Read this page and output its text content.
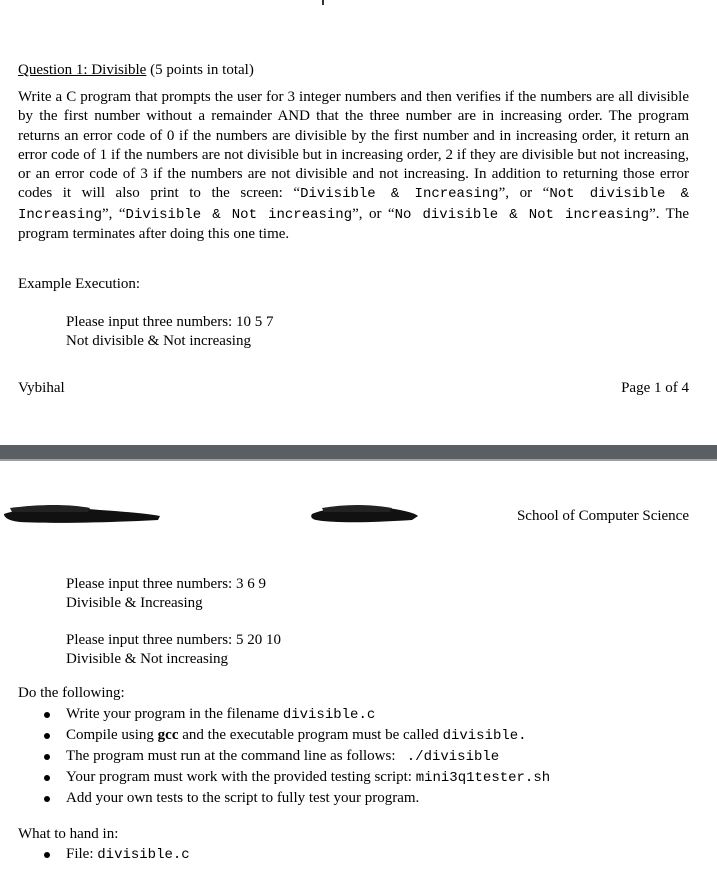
Question 1: Divisible (5 points in total)
Write a C program that prompts the user for 3 integer numbers and then verifies if the numbers are all divisible by the first number without a remainder AND that the three number are in increasing order. The program returns an error code of 0 if the numbers are divisible by the first number and in increasing order, it return an error code of 1 if the numbers are not divisible but in increasing order, 2 if they are divisible but not increasing, or an error code of 3 if the numbers are not divisible and not increasing. In addition to returning those error codes it will also print to the screen: “Divisible & Increasing”, or “Not divisible & Increasing”, “Divisible & Not increasing”, or “No divisible & Not increasing”. The program terminates after doing this one time.
Example Execution:
Please input three numbers: 10 5 7
Not divisible & Not increasing
Vybihal	Page 1 of 4
School of Computer Science
Please input three numbers: 3 6 9
Divisible & Increasing
Please input three numbers: 5 20 10
Divisible & Not increasing
Do the following:
Write your program in the filename divisible.c
Compile using gcc and the executable program must be called divisible.
The program must run at the command line as follows:   ./divisible
Your program must work with the provided testing script: mini3q1tester.sh
Add your own tests to the script to fully test your program.
What to hand in:
File: divisible.c
